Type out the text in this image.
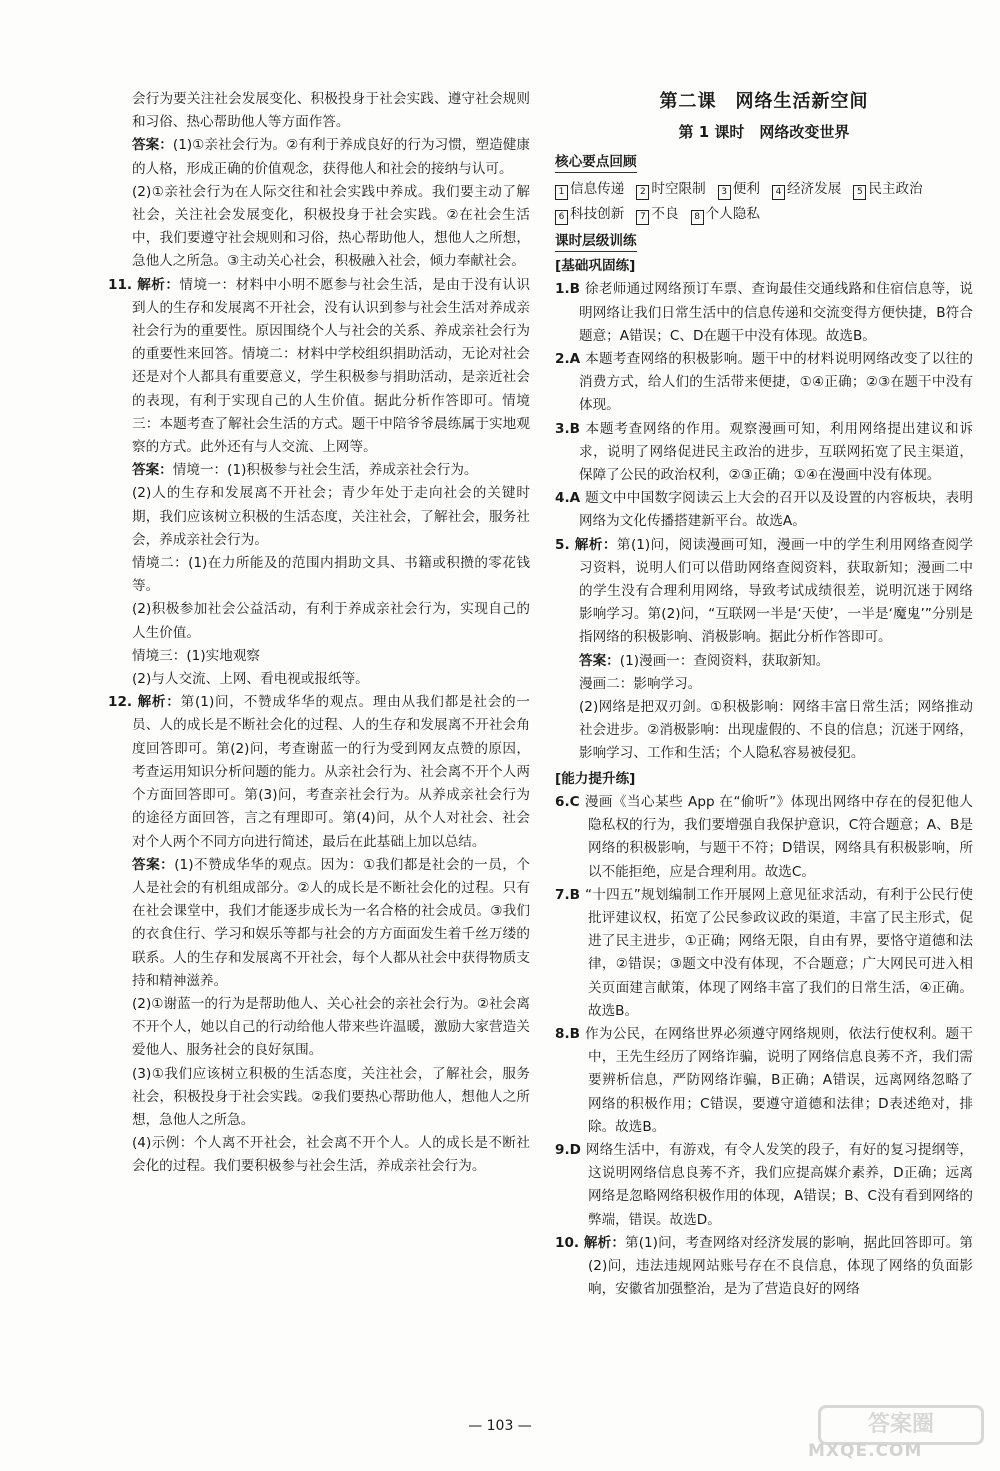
会行为要关注社会发展变化、积极投身于社会实践、遵守社会规则和习俗、热心帮助他人等方面作答。

答案：(1)①亲社会行为。②有利于养成良好的行为习惯，塑造健康的人格，形成正确的价值观念，获得他人和社会的接纳与认可。

(2)①亲社会行为在人际交往和社会实践中养成。我们要主动了解社会，关注社会发展变化，积极投身于社会实践。②在社会生活中，我们要遵守社会规则和习俗，热心帮助他人，想他人之所想，急他人之所急。③主动关心社会，积极融入社会，倾力奉献社会。

11. 解析：情境一：材料中小明不愿参与社会生活，是由于没有认识到人的生存和发展离不开社会，没有认识到参与社会生活对养成亲社会行为的重要性。原因围绕个人与社会的关系、养成亲社会行为的重要性来回答。情境二：材料中学校组织捐助活动，无论对社会还是对个人都具有重要意义，学生积极参与捐助活动，是亲近社会的表现，有利于实现自己的人生价值。据此分析作答即可。情境三：本题考查了解社会生活的方式。题干中陪爷爷晨练属于实地观察的方式。此外还有与人交流、上网等。

答案：情境一：(1)积极参与社会生活，养成亲社会行为。

(2)人的生存和发展离不开社会；青少年处于走向社会的关键时期，我们应该树立积极的生活态度，关注社会，了解社会，服务社会，养成亲社会行为。

情境二：(1)在力所能及的范围内捐助文具、书籍或积攒的零花钱等。

(2)积极参加社会公益活动，有利于养成亲社会行为，实现自己的人生价值。

情境三：(1)实地观察

(2)与人交流、上网、看电视或报纸等。

12. 解析：第(1)问，不赞成华华的观点。理由从我们都是社会的一员、人的成长是不断社会化的过程、人的生存和发展离不开社会角度回答即可。第(2)问，考查谢蓝一的行为受到网友点赞的原因，考查运用知识分析问题的能力。从亲社会行为、社会离不开个人两个方面回答即可。第(3)问，考查亲社会行为。从养成亲社会行为的途径方面回答，言之有理即可。第(4)问，从个人对社会、社会对个人两个不同方向进行简述，最后在此基础上加以总结。

答案：(1)不赞成华华的观点。因为：①我们都是社会的一员，个人是社会的有机组成部分。②人的成长是不断社会化的过程。只有在社会课堂中，我们才能逐步成长为一名合格的社会成员。③我们的衣食住行、学习和娱乐等都与社会的方方面面发生着千丝万缕的联系。人的生存和发展离不开社会，每个人都从社会中获得物质支持和精神滋养。

(2)①谢蓝一的行为是帮助他人、关心社会的亲社会行为。②社会离不开个人，她以自己的行动给他人带来些许温暖，激励大家营造关爱他人、服务社会的良好氛围。

(3)①我们应该树立积极的生活态度，关注社会，了解社会，服务社会，积极投身于社会实践。②我们要热心帮助他人，想他人之所想，急他人之所急。

(4)示例：个人离不开社会，社会离不开个人。人的成长是不断社会化的过程。我们要积极参与社会生活，养成亲社会行为。

第二课　网络生活新空间
第 1 课时　网络改变世界
核心要点回顾
1 信息传递	2 时空限制	3 便利	4 经济发展	5 民主政治
6 科技创新	7 不良	8 个人隐私
课时层级训练
[基础巩固练]

1.B 徐老师通过网络预订车票、查询最佳交通线路和住宿信息等，说明网络让我们日常生活中的信息传递和交流变得方便快捷，B符合题意；A错误；C、D在题干中没有体现。故选B。

2.A 本题考查网络的积极影响。题干中的材料说明网络改变了以往的消费方式，给人们的生活带来便捷，①④正确；②③在题干中没有体现。

3.B 本题考查网络的作用。观察漫画可知，利用网络提出建议和诉求，说明了网络促进民主政治的进步，互联网拓宽了民主渠道，保障了公民的政治权利，②③正确；①④在漫画中没有体现。

4.A 题文中中国数字阅读云上大会的召开以及设置的内容板块，表明网络为文化传播搭建新平台。故选A。

5. 解析：第(1)问，阅读漫画可知，漫画一中的学生利用网络查阅学习资料，说明人们可以借助网络查阅资料，获取新知；漫画二中的学生没有合理利用网络，导致考试成绩很差，说明沉迷于网络影响学习。第(2)问，“互联网一半是‘天使’，一半是‘魔鬼’”分别是指网络的积极影响、消极影响。据此分析作答即可。

答案：(1)漫画一：查阅资料，获取新知。

漫画二：影响学习。

(2)网络是把双刃剑。①积极影响：网络丰富日常生活；网络推动社会进步。②消极影响：出现虚假的、不良的信息；沉迷于网络，影响学习、工作和生活；个人隐私容易被侵犯。

[能力提升练]

6.C 漫画《当心某些 App 在“偷听”》体现出网络中存在的侵犯他人隐私权的行为，我们要增强自我保护意识，C符合题意；A、B是网络的积极影响，与题干不符；D错误，网络具有积极影响，所以不能拒绝，应是合理利用。故选C。

7.B “十四五”规划编制工作开展网上意见征求活动，有利于公民行使批评建议权，拓宽了公民参政议政的渠道，丰富了民主形式，促进了民主进步，①正确；网络无限，自由有界，要恪守道德和法律，②错误；③题文中没有体现，不合题意；广大网民可进入相关页面建言献策，体现了网络丰富了我们的日常生活，④正确。故选B。

8.B 作为公民，在网络世界必须遵守网络规则，依法行使权利。题干中，王先生经历了网络诈骗，说明了网络信息良莠不齐，我们需要辨析信息，严防网络诈骗，B正确；A错误，远离网络忽略了网络的积极作用；C错误，要遵守道德和法律；D表述绝对，排除。故选B。

9.D 网络生活中，有游戏，有令人发笑的段子，有好的复习提纲等，这说明网络信息良莠不齐，我们应提高媒介素养，D正确；远离网络是忽略网络积极作用的体现，A错误；B、C没有看到网络的弊端，错误。故选D。

10. 解析：第(1)问，考查网络对经济发展的影响，据此回答即可。第(2)问，违法违规网站账号存在不良信息，体现了网络的负面影响，安徽省加强整治，是为了营造良好的网络

— 103 —	答案圈
MXQE.COM
